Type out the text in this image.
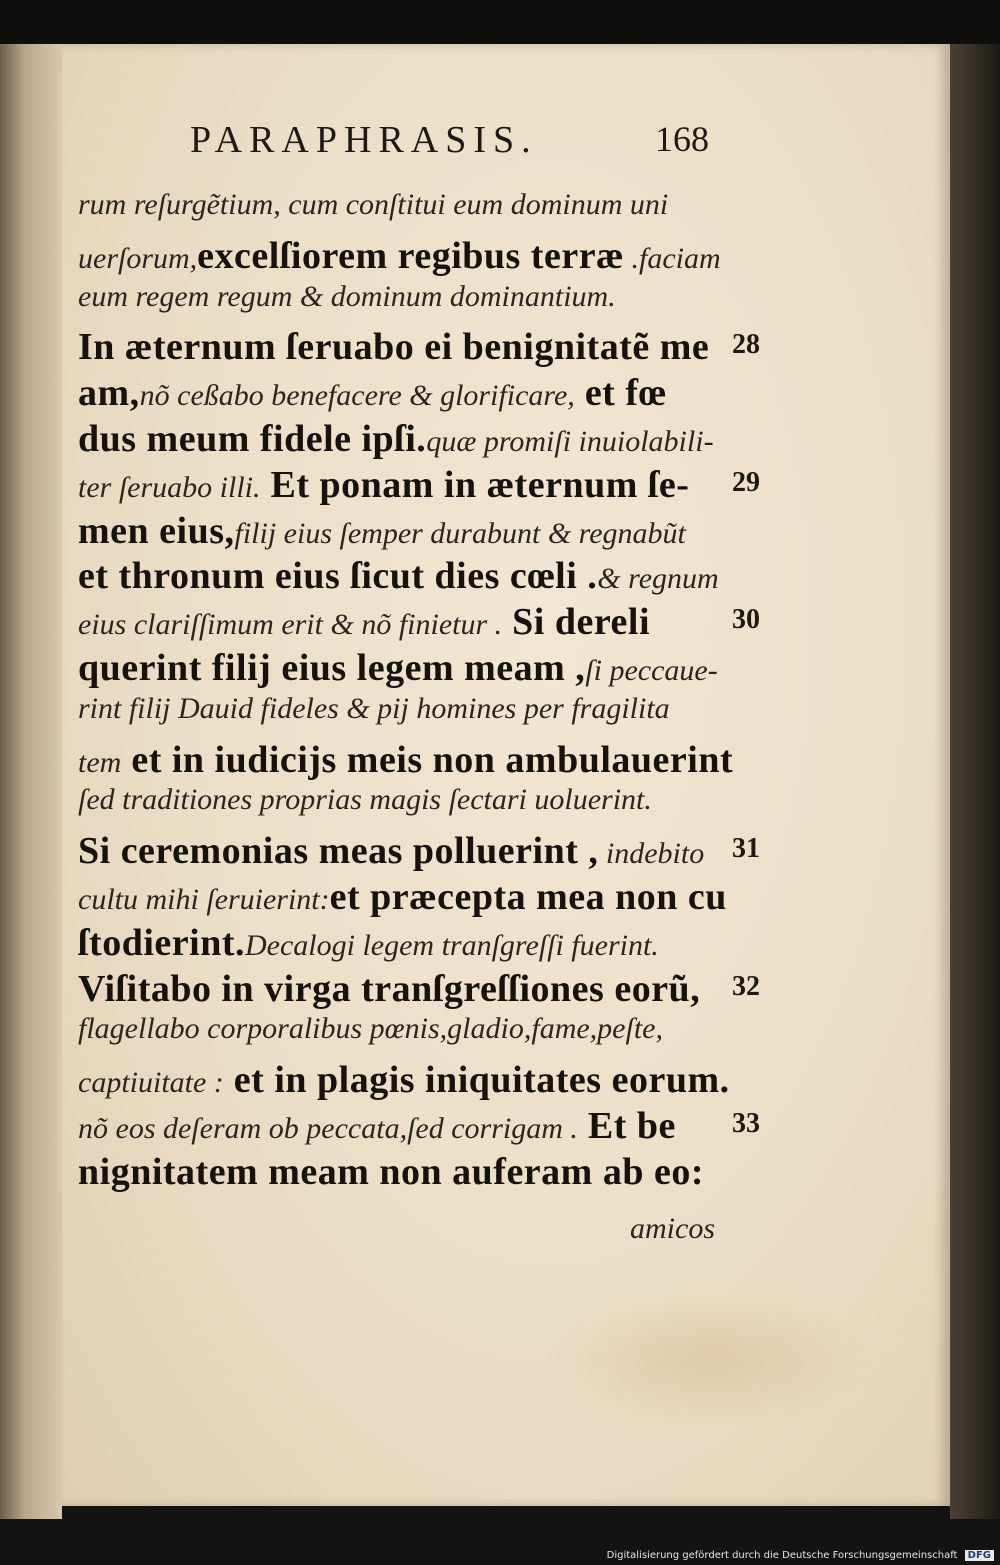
PARAPHRASIS.	168
rum reſurgẽtium, cum conſtitui eum dominum uni
uerſorum,excelſiorem regibus terræ .faciam
eum regem regum & dominum dominantium.
In æternum ſeruabo ei benignitatẽ me
am,nõ ceßabo benefacere & glorificare, et fœ
dus meum fidele ipſi.quæ promiſi inuiolabili-
ter ſeruabo illi. Et ponam in æternum ſe-
men eius,filij eius ſemper durabunt & regnabũt
et thronum eius ſicut dies cœli .& regnum
eius clariſſimum erit & nõ finietur . Si dereli
querint filij eius legem meam ,ſi peccaue-
rint filij Dauid fideles & pij homines per fragilita
tem et in iudicijs meis non ambulauerint
ſed traditiones proprias magis ſectari uoluerint.
Si ceremonias meas polluerint , indebito
cultu mihi ſeruierint:et præcepta mea non cu
ſtodierint.Decalogi legem tranſgreſſi fuerint.
Viſitabo in virga tranſgreſſiones eorũ,
flagellabo corporalibus pœnis,gladio,fame,peſte,
captiuitate : et in plagis iniquitates eorum.
nõ eos deſeram ob peccata,ſed corrigam . Et be
nignitatem meam non auferam ab eo:
28
29
30
31
32
33
amicos
Digitalisierung gefördert durch die Deutsche Forschungsgemeinschaft DFG
